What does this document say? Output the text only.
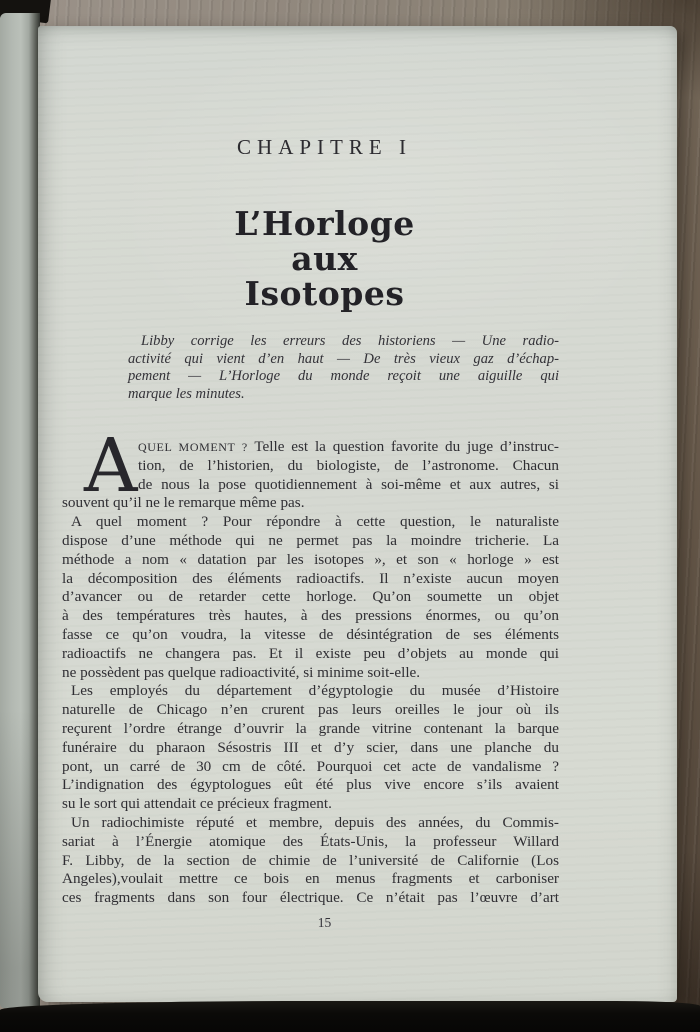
CHAPITRE I
L’Horloge
aux
Isotopes
Libby corrige les erreurs des historiens — Une radio-
activité qui vient d’en haut — De très vieux gaz d’échap-
pement — L’Horloge du monde reçoit une aiguille qui
marque les minutes.
A QUEL MOMENT ? Telle est la question favorite du juge d’instruc-
tion, de l’historien, du biologiste, de l’astronome. Chacun
de nous la pose quotidiennement à soi-même et aux autres, si
souvent qu’il ne le remarque même pas.
A quel moment ? Pour répondre à cette question, le naturaliste
dispose d’une méthode qui ne permet pas la moindre tricherie. La
méthode a nom « datation par les isotopes », et son « horloge » est
la décomposition des éléments radioactifs. Il n’existe aucun moyen
d’avancer ou de retarder cette horloge. Qu’on soumette un objet
à des températures très hautes, à des pressions énormes, ou qu’on
fasse ce qu’on voudra, la vitesse de désintégration de ses éléments
radioactifs ne changera pas. Et il existe peu d’objets au monde qui
ne possèdent pas quelque radioactivité, si minime soit-elle.
Les employés du département d’égyptologie du musée d’Histoire
naturelle de Chicago n’en crurent pas leurs oreilles le jour où ils
reçurent l’ordre étrange d’ouvrir la grande vitrine contenant la barque
funéraire du pharaon Sésostris III et d’y scier, dans une planche du
pont, un carré de 30 cm de côté. Pourquoi cet acte de vandalisme ?
L’indignation des égyptologues eût été plus vive encore s’ils avaient
su le sort qui attendait ce précieux fragment.
Un radiochimiste réputé et membre, depuis des années, du Commis-
sariat à l’Énergie atomique des États-Unis, la professeur Willard
F. Libby, de la section de chimie de l’université de Californie (Los
Angeles),voulait mettre ce bois en menus fragments et carboniser
ces fragments dans son four électrique. Ce n’était pas l’œuvre d’art
15
